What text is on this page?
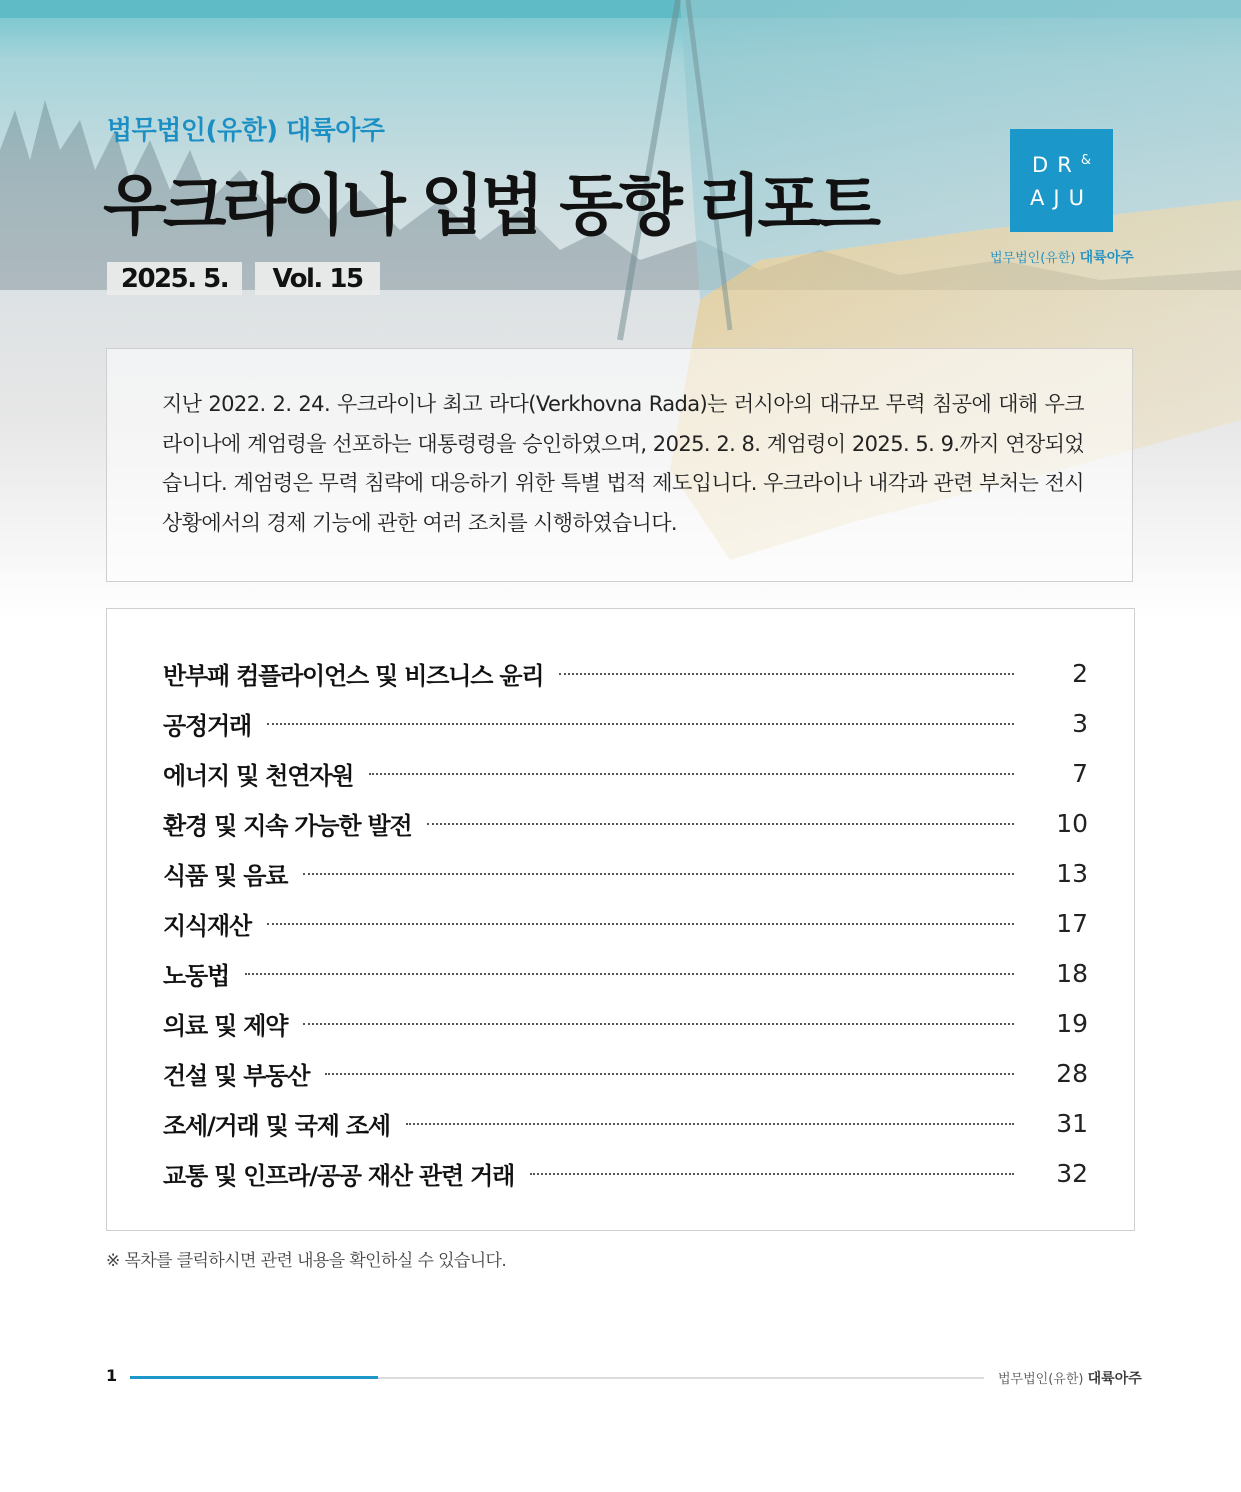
법무법인(유한) 대륙아주
우크라이나 입법 동향 리포트
2025. 5.	Vol. 15
DR&
AJU
법무법인(유한) 대륙아주

지난 2022. 2. 24. 우크라이나 최고 라다(Verkhovna Rada)는 러시아의 대규모 무력 침공에 대해 우크라이나에 계엄령을 선포하는 대통령령을 승인하였으며, 2025. 2. 8. 계엄령이 2025. 5. 9.까지 연장되었습니다. 계엄령은 무력 침략에 대응하기 위한 특별 법적 제도입니다. 우크라이나 내각과 관련 부처는 전시 상황에서의 경제 기능에 관한 여러 조치를 시행하였습니다.

반부패 컴플라이언스 및 비즈니스 윤리	2
공정거래	3
에너지 및 천연자원	7
환경 및 지속 가능한 발전	10
식품 및 음료	13
지식재산	17
노동법	18
의료 및 제약	19
건설 및 부동산	28
조세/거래 및 국제 조세	31
교통 및 인프라/공공 재산 관련 거래	32
※ 목차를 클릭하시면 관련 내용을 확인하실 수 있습니다.
1	법무법인(유한) 대륙아주
